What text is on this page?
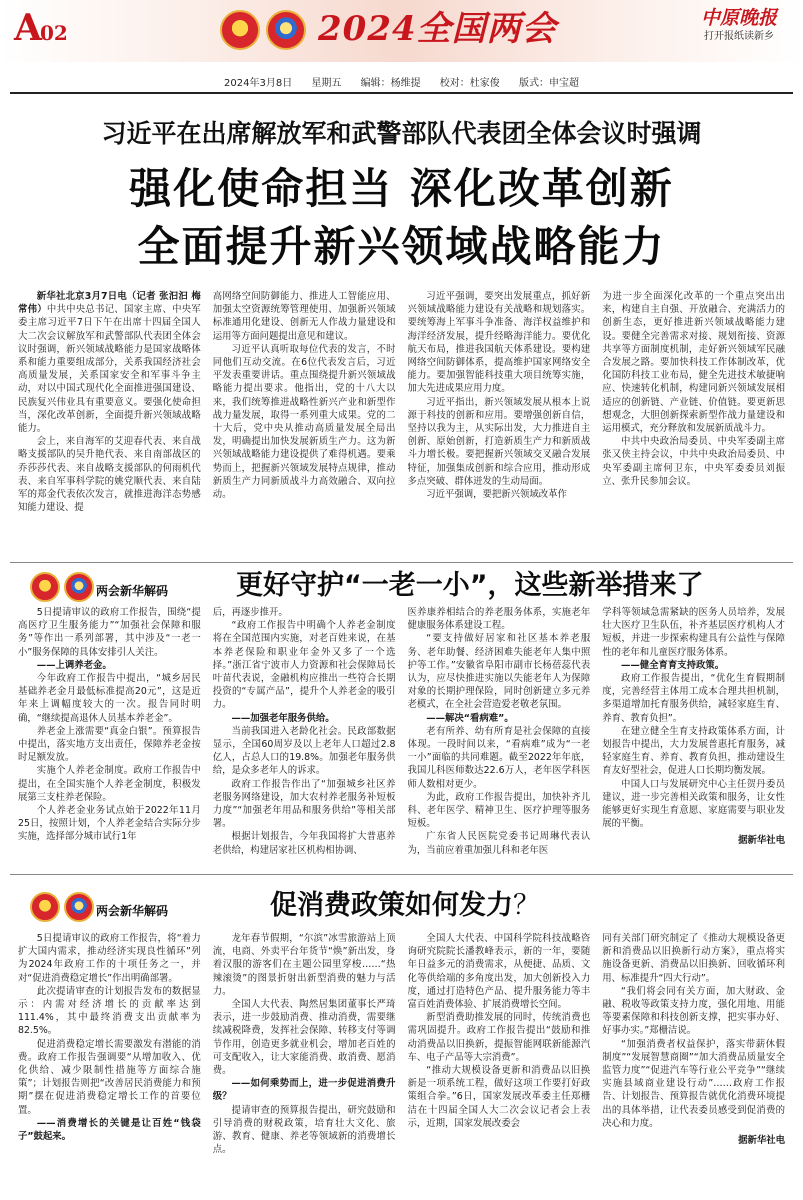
A02	2024全国两会	中原晚报
打开报纸读新乡
2024年3月8日 星期五 编辑：杨维提 校对：杜家俊 版式：申宝超
习近平在出席解放军和武警部队代表团全体会议时强调
强化使命担当 深化改革创新
全面提升新兴领域战略能力

新华社北京3月7日电（记者 张汩汩 梅常伟）中共中央总书记、国家主席、中央军委主席习近平7日下午在出席十四届全国人大二次会议解放军和武警部队代表团全体会议时强调，新兴领域战略能力是国家战略体系和能力重要组成部分，关系我国经济社会高质量发展，关系国家安全和军事斗争主动，对以中国式现代化全面推进强国建设、民族复兴伟业具有重要意义。要强化使命担当，深化改革创新，全面提升新兴领域战略能力。

会上，来自海军的艾迎春代表、来自战略支援部队的吴升艳代表、来自南部战区的乔莎莎代表、来自战略支援部队的何雨机代表、来自军事科学院的姚党顺代表、来自陆军的郑金代表依次发言，就推进海洋态势感知能力建设、提

高网络空间防御能力、推进人工智能应用、加强太空资源统筹管理使用、加强新兴领域标准通用化建设、创新无人作战力量建设和运用等方面问题提出意见和建议。

习近平认真听取每位代表的发言，不时同他们互动交流。在6位代表发言后，习近平发表重要讲话。重点围绕提升新兴领域战略能力提出要求。他指出，党的十八大以来，我们统筹推进战略性新兴产业和新型作战力量发展，取得一系列重大成果。党的二十大后，党中央从推动高质量发展全局出发，明确提出加快发展新质生产力。这为新兴领域战略能力建设提供了难得机遇。要乘势而上，把握新兴领域发展特点规律，推动新质生产力同新质战斗力高效融合、双向拉动。

习近平强调，要突出发展重点，抓好新兴领域战略能力建设有关战略和规划落实。要统筹海上军事斗争准备、海洋权益维护和海洋经济发展，提升经略海洋能力。要优化航天布局，推进我国航天体系建设。要构建网络空间防御体系，提高维护国家网络安全能力。要加强智能科技重大项目统筹实施，加大先进成果应用力度。

习近平指出，新兴领域发展从根本上说源于科技的创新和应用。要增强创新自信，坚持以我为主，从实际出发，大力推进自主创新、原始创新，打造新质生产力和新质战斗力增长极。要把握新兴领域交叉融合发展特征，加强集成创新和综合应用，推动形成多点突破、群体迸发的生动局面。

习近平强调，要把新兴领域改革作

为进一步全面深化改革的一个重点突出出来，构建自主自强、开放融合、充满活力的创新生态，更好推进新兴领域战略能力建设。要健全完善需求对接、规划衔接、资源共享等方面制度机制，走好新兴领域军民融合发展之路。要加快科技工作体制改革，优化国防科技工业布局，健全先进技术敏捷响应、快速转化机制，构建同新兴领域发展相适应的创新链、产业链、价值链。要更新思想观念，大胆创新探索新型作战力量建设和运用模式，充分释放和发展新质战斗力。

中共中央政治局委员、中央军委副主席张又侠主持会议，中共中央政治局委员、中央军委副主席何卫东，中央军委委员刘振立、张升民参加会议。

两会新华解码	更好守护“一老一小”，这些新举措来了

5日提请审议的政府工作报告，围绕“提高医疗卫生服务能力”“加强社会保障和服务”等作出一系列部署，其中涉及“一老一小”服务保障的具体安排引人关注。

——上调养老金。

今年政府工作报告中提出，“城乡居民基础养老金月最低标准提高20元”，这是近年来上调幅度较大的一次。报告同时明确，“继续提高退休人员基本养老金”。

养老金上涨需要“真金白银”。预算报告中提出，落实地方支出责任，保障养老金按时足额发放。

实施个人养老金制度。政府工作报告中提出，在全国实施个人养老金制度，积极发展第三支柱养老保险。

个人养老金业务试点始于2022年11月25日，按照计划，个人养老金结合实际分步实施，选择部分城市试行1年

后，再逐步推开。

“政府工作报告中明确个人养老金制度将在全国范围内实施，对老百姓来说，在基本养老保险和职业年金外又多了一个选择。”浙江省宁波市人力资源和社会保障局长叶苗代表说，金融机构应推出一些符合长期投资的“专属产品”，提升个人养老金的吸引力。

——加强老年服务供给。

当前我国进入老龄化社会。民政部数据显示，全国60周岁及以上老年人口超过2.8亿人，占总人口的19.8%。加强老年服务供给，是众多老年人的诉求。

政府工作报告作出了“加强城乡社区养老服务网络建设，加大农村养老服务补短板力度”“加强老年用品和服务供给”等相关部署。

根据计划报告，今年我国将扩大普惠养老供给，构建居家社区机构相协调、

医养康养相结合的养老服务体系，实施老年健康服务体系建设工程。

“要支持做好居家和社区基本养老服务、老年助餐、经济困难失能老年人集中照护等工作。”安徽省阜阳市副市长杨蓓蕊代表认为，应尽快推进实施以失能老年人为保障对象的长期护理保险，同时创新建立多元养老模式，在全社会营造爱老敬老氛围。

——解决“看病难”。

老有所养、幼有所育是社会保障的直接体现。一段时间以来，“看病难”成为“一老一小”面临的共同难题。截至2022年年底，我国儿科医师数达22.6万人，老年医学科医师人数相对更少。

为此，政府工作报告提出，加快补齐儿科、老年医学、精神卫生、医疗护理等服务短板。

广东省人民医院党委书记周琳代表认为，当前应着重加强儿科和老年医

学科等领域急需紧缺的医务人员培养，发展壮大医疗卫生队伍，补齐基层医疗机构人才短板，并进一步探索构建具有公益性与保障性的老年和儿童医疗服务体系。

——健全育育支持政策。

政府工作报告提出，“优化生育假期制度，完善经营主体用工成本合理共担机制，多渠道增加托育服务供给，减轻家庭生育、养育、教育负担”。

在建立健全生育支持政策体系方面，计划报告中提出，大力发展普惠托育服务，减轻家庭生育、养育、教育负担，推动建设生育友好型社会，促进人口长期均衡发展。

中国人口与发展研究中心主任贺丹委员建议，进一步完善相关政策和服务，让女性能够更好实现生育意愿、家庭需要与职业发展的平衡。

据新华社电

两会新华解码	促消费政策如何发力？

5日提请审议的政府工作报告，将“着力扩大国内需求，推动经济实现良性循环”列为2024年政府工作的十项任务之一，并对“促进消费稳定增长”作出明确部署。

此次提请审查的计划报告发布的数据显示：内需对经济增长的贡献率达到111.4%，其中最终消费支出贡献率为82.5%。

促进消费稳定增长需要激发有潜能的消费。政府工作报告强调要“从增加收入、优化供给、减少限制性措施等方面综合施策”；计划报告则把“改善居民消费能力和预期”摆在促进消费稳定增长工作的首要位置。

——消费增长的关键是让百姓“钱袋子”鼓起来。

龙年春节假期，“尔滨”冰雪旅游站上顶流，电商、外卖平台年货节“焕”新出发，身着汉服的游客们在主题公园里穿梭……“热辣滚烫”的图景折射出新型消费的魅力与活力。

全国人大代表、陶然居集团董事长严琦表示，进一步鼓励消费、推动消费，需要继续减税降费，发挥社会保障、转移支付等调节作用，创造更多就业机会，增加老百姓的可支配收入，让大家能消费、敢消费、愿消费。

——如何乘势而上，进一步促进消费升级？

提请审查的预算报告提出，研究鼓励和引导消费的财税政策，培育壮大文化、旅游、教育、健康、养老等领域新的消费增长点。

全国人大代表、中国科学院科技战略咨询研究院院长潘教峰表示，新的一年，要随年日益多元的消费需求，从便捷、品质、文化等供给端的多角度出发，加大创新投入力度，通过打造特色产品、提升服务能力等丰富百姓消费体验、扩展消费增长空间。

新型消费助推发展的同时，传统消费也需巩固提升。政府工作报告提出“鼓励和推动消费品以旧换新，提振智能网联新能源汽车、电子产品等大宗消费”。

“推动大规模设备更新和消费品以旧换新是一项系统工程，做好这项工作要打好政策组合拳。”6日，国家发展改革委主任郑栅洁在十四届全国人大二次会议记者会上表示，近期，国家发展改委会

同有关部门研究制定了《推动大规模设备更新和消费品以旧换新行动方案》，重点将实施设备更新、消费品以旧换新、回收循环利用、标准提升“四大行动”。

“我们将会同有关方面，加大财政、金融、税收等政策支持力度，强化用地、用能等要素保障和科技创新支撑，把实事办好、好事办实。”郑栅洁说。

“加强消费者权益保护，落实带薪休假制度”“发展智慧商圈”“加大消费品质量安全监管力度”“促进汽车等行业公平竞争”“继续实施县域商业建设行动”……政府工作报告、计划报告、预算报告就优化消费环境提出的具体举措，让代表委员感受到促消费的决心和力度。

据新华社电
